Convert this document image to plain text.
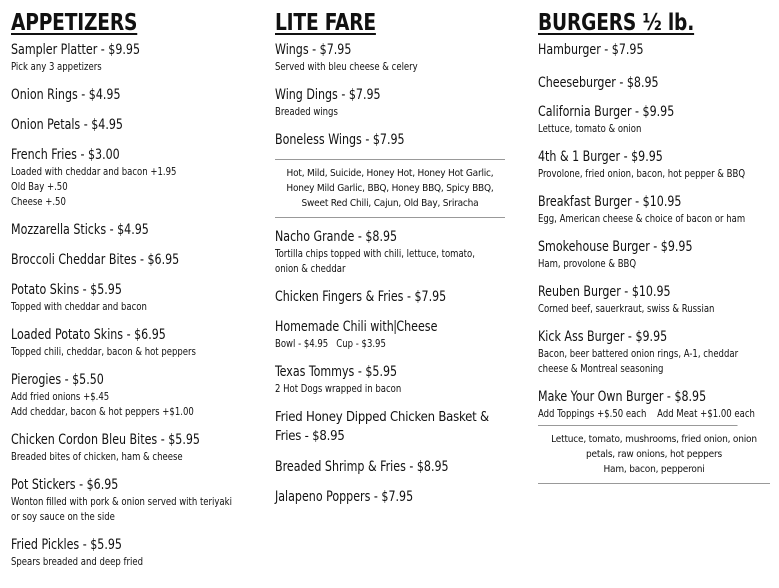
APPETIZERS
Sampler Platter - $9.95
Pick any 3 appetizers
Onion Rings - $4.95
Onion Petals - $4.95
French Fries - $3.00
Loaded with cheddar and bacon +1.95
Old Bay +.50
Cheese +.50
Mozzarella Sticks - $4.95
Broccoli Cheddar Bites - $6.95
Potato Skins - $5.95
Topped with cheddar and bacon
Loaded Potato Skins - $6.95
Topped chili, cheddar, bacon & hot peppers
Pierogies - $5.50
Add fried onions +$.45
Add cheddar, bacon & hot peppers +$1.00
Chicken Cordon Bleu Bites - $5.95
Breaded bites of chicken, ham & cheese
Pot Stickers - $6.95
Wonton filled with pork & onion served with teriyaki
or soy sauce on the side
Fried Pickles - $5.95
Spears breaded and deep fried
LITE FARE
Wings - $7.95
Served with bleu cheese & celery
Wing Dings - $7.95
Breaded wings
Boneless Wings - $7.95
Hot, Mild, Suicide, Honey Hot, Honey Hot Garlic, Honey Mild Garlic, BBQ, Honey BBQ, Spicy BBQ, Sweet Red Chili, Cajun, Old Bay, Sriracha
Nacho Grande - $8.95
Tortilla chips topped with chili, lettuce, tomato,
onion & cheddar
Chicken Fingers & Fries - $7.95
Homemade Chili with Cheese
Bowl - $4.95   Cup - $3.95
Texas Tommys - $5.95
2 Hot Dogs wrapped in bacon
Fried Honey Dipped Chicken Basket & Fries - $8.95
Breaded Shrimp & Fries - $8.95
Jalapeno Poppers - $7.95
BURGERS ½ lb.
Hamburger - $7.95
Cheeseburger - $8.95
California Burger - $9.95
Lettuce, tomato & onion
4th & 1 Burger - $9.95
Provolone, fried onion, bacon, hot pepper & BBQ
Breakfast Burger - $10.95
Egg, American cheese & choice of bacon or ham
Smokehouse Burger - $9.95
Ham, provolone & BBQ
Reuben Burger - $10.95
Corned beef, sauerkraut, swiss & Russian
Kick Ass Burger - $9.95
Bacon, beer battered onion rings, A-1, cheddar
cheese & Montreal seasoning
Make Your Own Burger - $8.95
Add Toppings +$.50 each    Add Meat +$1.00 each
Lettuce, tomato, mushrooms, fried onion, onion
petals, raw onions, hot peppers
Ham, bacon, pepperoni
